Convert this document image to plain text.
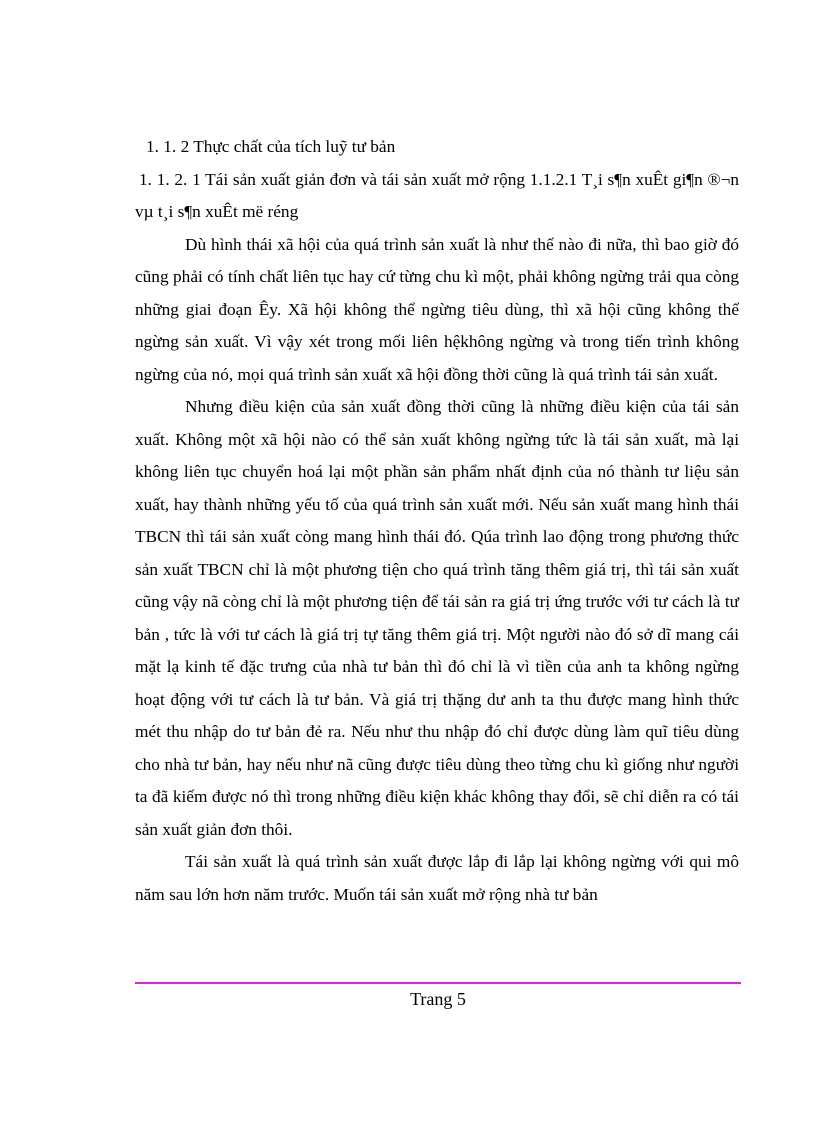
1. 1. 2 Thực chất của tích luỹ tư bản

1. 1. 2. 1 Tái sản xuất giản đơn và tái sản xuất mở rộng 1.1.2.1 T¸i s¶n xuÊt gi¶n ®¬n vµ t¸i s¶n xuÊt më réng

Dù hình thái xã hội của quá trình sản xuất là như thế nào đi nữa, thì bao giờ đó cũng phải có tính chất liên tục hay cứ từng chu kì một, phải không ngừng trải qua còng những giai đoạn Êy. Xã hội không thể ngừng tiêu dùng, thì xã hội cũng không thể ngừng sản xuất. Vì vậy xét trong mối liên hệkhông ngừng và trong tiến trình không ngừng của nó, mọi quá trình sản xuất xã hội đồng thời cũng là quá trình tái sản xuất.

Nhưng điều kiện của sản xuất đồng thời cũng là những điều kiện của tái sản xuất. Không một xã hội nào có thể sản xuất không ngừng tức là tái sản xuất, mà lại không liên tục chuyển hoá lại một phần sản phẩm nhất định của nó thành tư liệu sản xuất, hay thành những yếu tố của quá trình sản xuất mới. Nếu sản xuất mang hình thái TBCN thì tái sản xuất còng mang hình thái đó. Qúa trình lao động trong phương thức sản xuất TBCN chỉ là một phương tiện cho quá trình tăng thêm giá trị, thì tái sản xuất cũng vậy nã còng chỉ là một phương tiện để tái sản ra giá trị ứng trước với tư cách là tư bản , tức là với tư cách là giá trị tự tăng thêm giá trị. Một người nào đó sở dĩ mang cái mặt lạ kinh tế đặc trưng của nhà tư bản thì đó chỉ là vì tiền của anh ta không ngừng hoạt động với tư cách là tư bản. Và giá trị thặng dư anh ta thu được mang hình thức mét thu nhập do tư bản đẻ ra. Nếu như thu nhập đó chỉ được dùng làm quĩ tiêu dùng cho nhà tư bản, hay nếu như nã cũng được tiêu dùng theo từng chu kì giống như người ta đã kiếm được nó thì trong những điều kiện khác không thay đổi, sẽ chỉ diễn ra có tái sản xuất giản đơn thôi.

Tái sản xuất là quá trình sản xuất được lắp đi lắp lại không ngừng với qui mô năm sau lớn hơn năm trước. Muốn tái sản xuất mở rộng nhà tư bản

Trang 5
